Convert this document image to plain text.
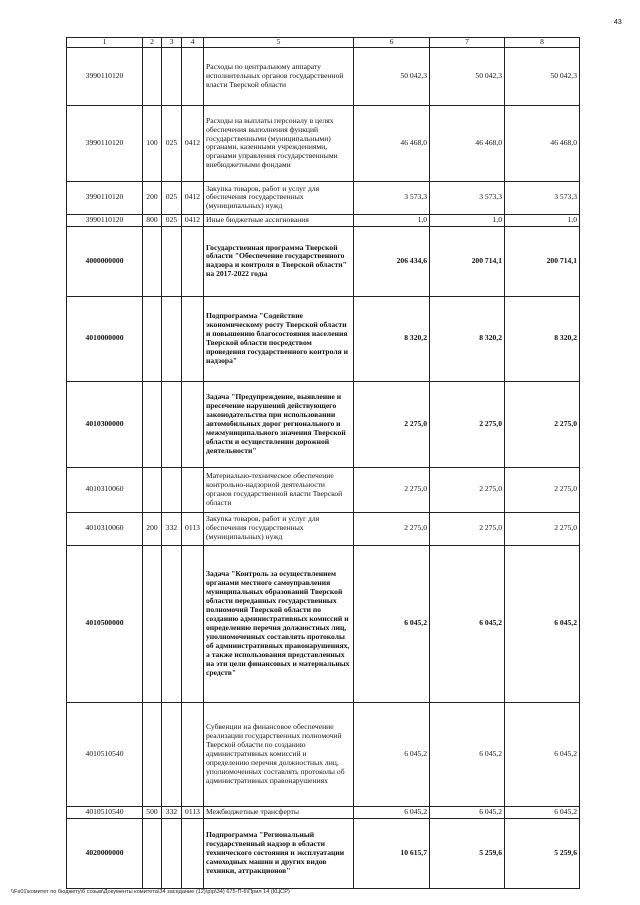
43
1	2	3	4	5	6	7	8
3990110120				Расходы по центральному аппарату исполнительных органов государственной власти Тверской области	50 042,3	50 042,3	50 042,3
3990110120	100	025	0412	Расходы на выплаты персоналу в целях обеспечения выполнения функций государственными (муниципальными) органами, казенными учреждениями, органами управления государственными внебюджетными фондами	46 468,0	46 468,0	46 468,0
3990110120	200	025	0412	Закупка товаров, работ и услуг для обеспечения государственных (муниципальных) нужд	3 573,3	3 573,3	3 573,3
3990110120	800	025	0412	Иные бюджетные ассигнования	1,0	1,0	1,0
4000000000				Государственная программа Тверской области "Обеспечение государственного надзора и контроля в Тверской области" на 2017-2022 годы	206 434,6	200 714,1	200 714,1
4010000000				Подпрограмма "Содействие экономическому росту Тверской области и повышению благосостояния населения Тверской области посредством проведения государственного контроля и надзора"	8 320,2	8 320,2	8 320,2
4010300000				Задача "Предупреждение, выявление и пресечение нарушений действующего законодательства при использовании автомобильных дорог регионального и межмуниципального значения Тверской области и осуществлении дорожной деятельности"	2 275,0	2 275,0	2 275,0
4010310060				Материально-техническое обеспечение контрольно-надзорной деятельности органов государственной власти Тверской области	2 275,0	2 275,0	2 275,0
4010310060	200	332	0113	Закупка товаров, работ и услуг для обеспечения государственных (муниципальных) нужд	2 275,0	2 275,0	2 275,0
4010500000				Задача "Контроль за осуществлением органами местного самоуправления муниципальных образований Тверской области переданных государственных полномочий Тверской области по созданию административных комиссий и определению перечня должностных лиц, уполномоченных составлять протоколы об административных правонарушениях, а также использования представленных на эти цели финансовых и материальных средств"	6 045,2	6 045,2	6 045,2
4010510540				Субвенции на финансовое обеспечение реализации государственных полномочий Тверской области по созданию административных комиссий и определению перечня должностных лиц, уполномоченных составлять протоколы об административных правонарушениях	6 045,2	6 045,2	6 045,2
4010510540	500	332	0113	Межбюджетные трансферты	6 045,2	6 045,2	6 045,2
4020000000				Подпрограмма "Региональный государственный надзор в области технического состояния и эксплуатации самоходных машин и других видов техники, аттракционов"	10 615,7	5 259,6	5 259,6
\\Fs01\комитет по бюджету\6 созыв\Документы комитета\34 заседание (12)\р\р\34) 675-П-6\Прил 14 (КЦСР)
